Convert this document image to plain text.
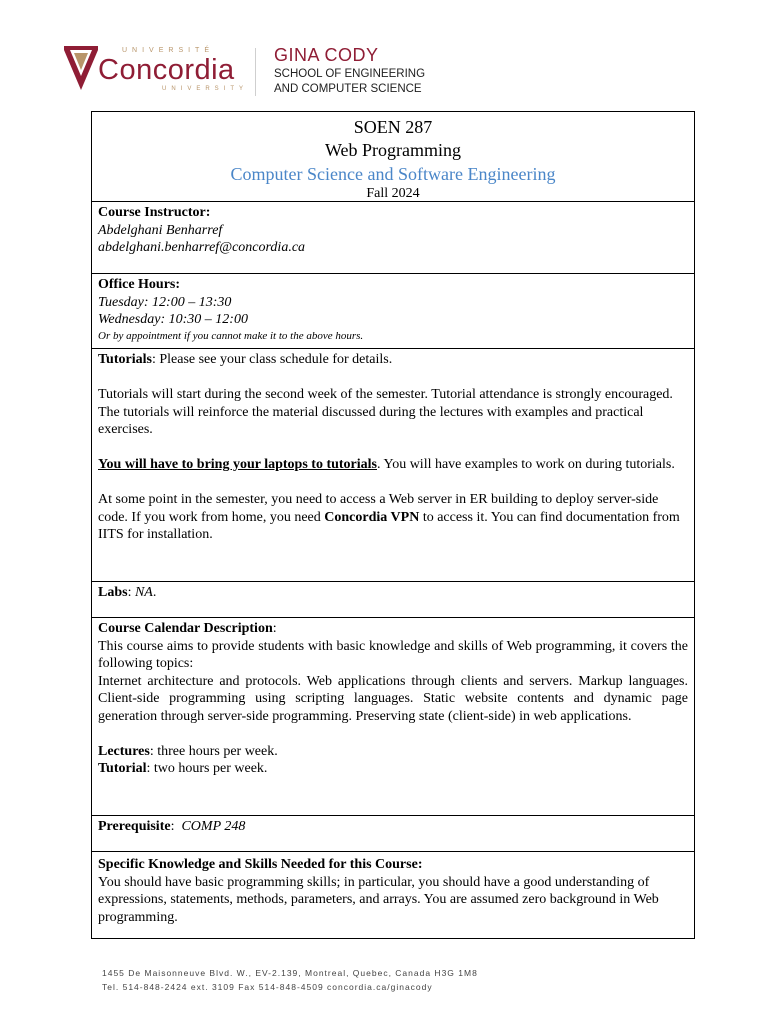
UNIVERSITÉ
Concordia
UNIVERSITY
GINA CODY
SCHOOL OF ENGINEERING
AND COMPUTER SCIENCE
SOEN 287
Web Programming
Computer Science and Software Engineering
Fall 2024
Course Instructor:
Abdelghani Benharref
abdelghani.benharref@concordia.ca
Office Hours:
Tuesday: 12:00 – 13:30
Wednesday: 10:30 – 12:00
Or by appointment if you cannot make it to the above hours.

Tutorials: Please see your class schedule for details.

Tutorials will start during the second week of the semester. Tutorial attendance is strongly encouraged. The tutorials will reinforce the material discussed during the lectures with examples and practical exercises.

You will have to bring your laptops to tutorials. You will have examples to work on during tutorials.

At some point in the semester, you need to access a Web server in ER building to deploy server-side code. If you work from home, you need Concordia VPN to access it. You can find documentation from IITS for installation.

Labs: NA.

Course Calendar Description:

This course aims to provide students with basic knowledge and skills of Web programming, it covers the following topics:

Internet architecture and protocols. Web applications through clients and servers. Markup languages. Client-side programming using scripting languages. Static website contents and dynamic page generation through server-side programming. Preserving state (client-side) in web applications.

Lectures: three hours per week.

Tutorial: two hours per week.

Prerequisite:  COMP 248

Specific Knowledge and Skills Needed for this Course:

You should have basic programming skills; in particular, you should have a good understanding of expressions, statements, methods, parameters, and arrays. You are assumed zero background in Web programming.

1455 De Maisonneuve Blvd. W., EV-2.139, Montreal, Quebec, Canada H3G 1M8
Tel. 514-848-2424 ext. 3109 Fax 514-848-4509 concordia.ca/ginacody
